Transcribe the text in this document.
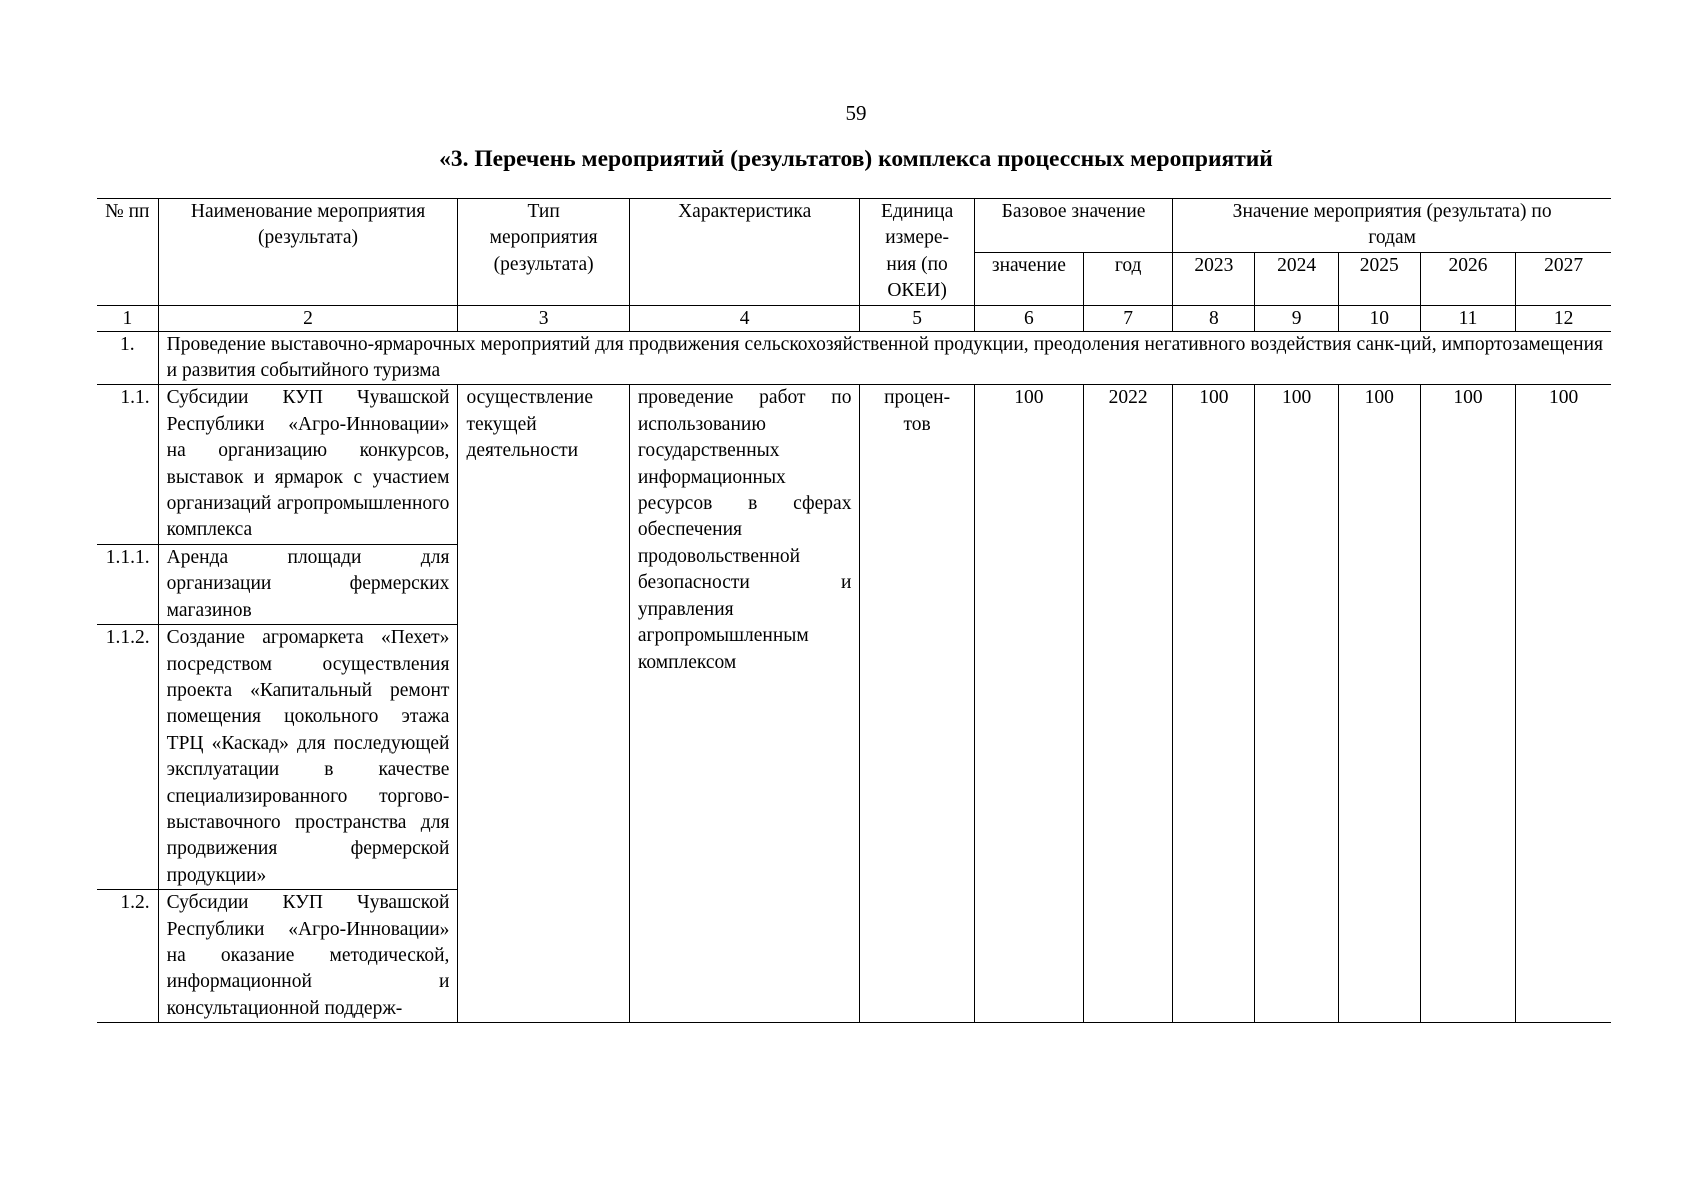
59
«3. Перечень мероприятий (результатов) комплекса процессных мероприятий
№ пп	Наименование мероприятия (результата)	Тип мероприятия (результата)	Характеристика	Единица измере-ния (по ОКЕИ)	Базовое значение		Значение мероприятия (результата) по годам				
					значение	год	2023	2024	2025	2026	2027
1	2	3	4	5	6	7	8	9	10	11	12
1.	Проведение выставочно-ярмарочных мероприятий для продвижения сельскохозяйственной продукции, преодоления негативного воздействия санк-ций, импортозамещения и развития событийного туризма										
1.1.	Субсидии КУП Чувашской Республики «Агро-Инновации» на организацию конкурсов, выставок и ярмарок с участием организаций агропромышленного комплекса	осуществление текущей деятельности	проведение работ по использованию государственных информационных ресурсов в сферах обеспечения продовольственной безопасности и управления агропромышленным комплексом	процен-тов	100	2022	100	100	100	100	100
1.1.1.	Аренда площади для организации фермерских магазинов										
1.1.2.	Создание агромаркета «Пехет» посредством осуществления проекта «Капитальный ремонт помещения цокольного этажа ТРЦ «Каскад» для последующей эксплуатации в качестве специализированного торгово-выставочного пространства для продвижения фермерской продукции»										
1.2.	Субсидии КУП Чувашской Республики «Агро-Инновации» на оказание методической, информационной и консультационной поддерж-										
